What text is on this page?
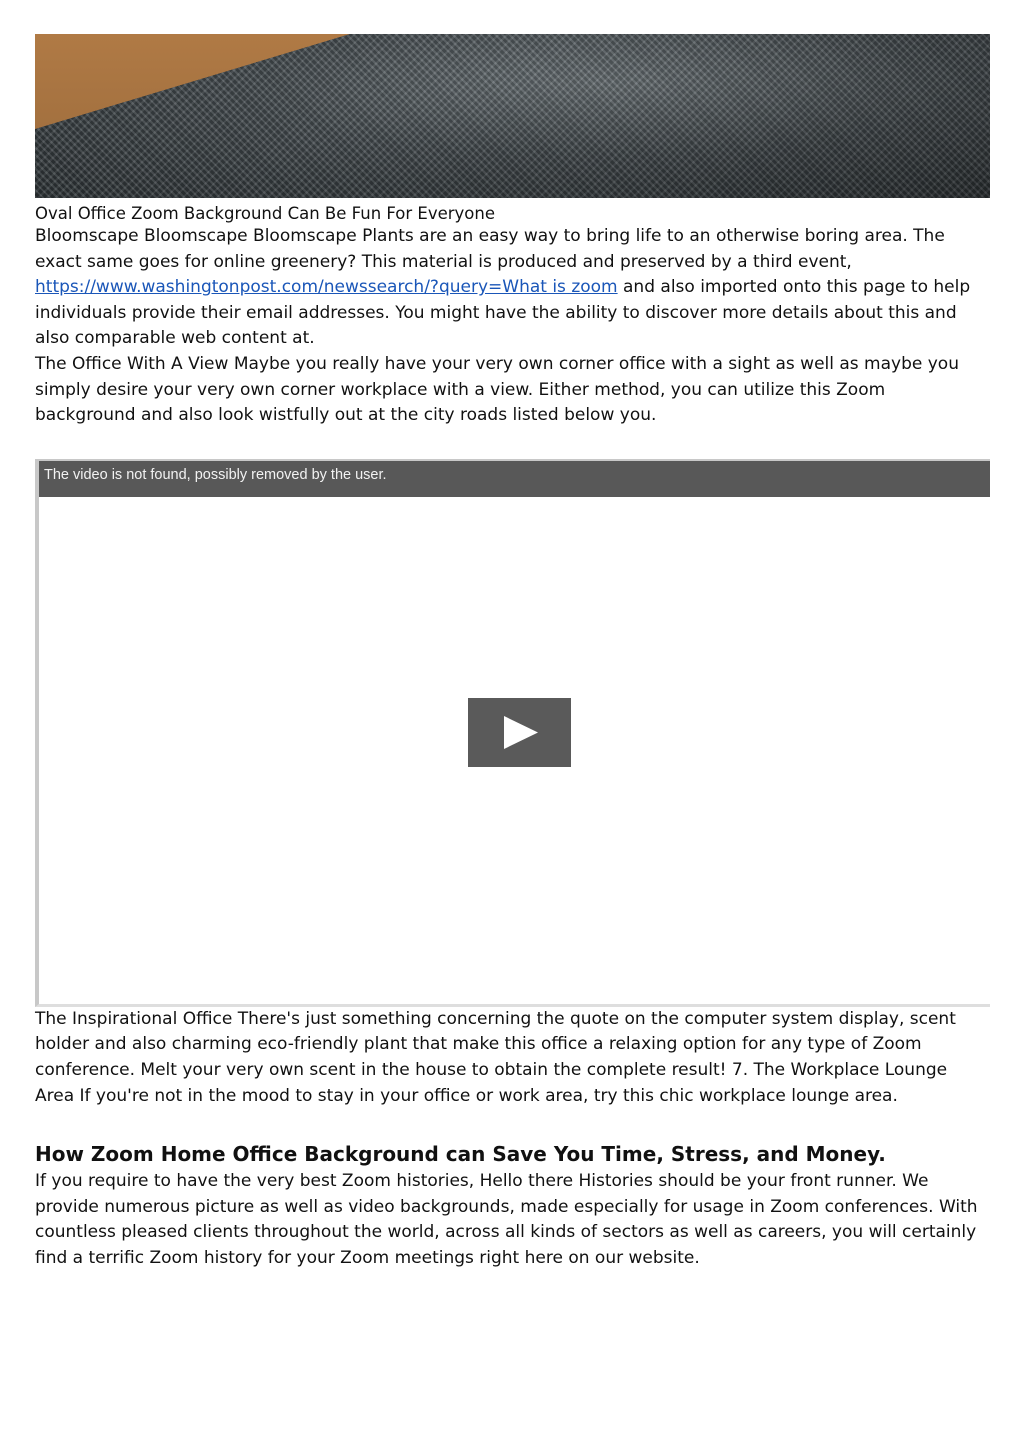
Oval Office Zoom Background Can Be Fun For Everyone

Bloomscape Bloomscape Bloomscape Plants are an easy way to bring life to an otherwise boring area. The exact same goes for online greenery? This material is produced and preserved by a third event, https://www.washingtonpost.com/newssearch/?query=What is zoom and also imported onto this page to help individuals provide their email addresses. You might have the ability to discover more details about this and also comparable web content at.

The Office With A View Maybe you really have your very own corner office with a sight as well as maybe you simply desire your very own corner workplace with a view. Either method, you can utilize this Zoom background and also look wistfully out at the city roads listed below you.

The video is not found, possibly removed by the user.

The Inspirational Office There's just something concerning the quote on the computer system display, scent holder and also charming eco-friendly plant that make this office a relaxing option for any type of Zoom conference. Melt your very own scent in the house to obtain the complete result! 7. The Workplace Lounge Area If you're not in the mood to stay in your office or work area, try this chic workplace lounge area.

How Zoom Home Office Background can Save You Time, Stress, and Money.

If you require to have the very best Zoom histories, Hello there Histories should be your front runner. We provide numerous picture as well as video backgrounds, made especially for usage in Zoom conferences. With countless pleased clients throughout the world, across all kinds of sectors as well as careers, you will certainly find a terrific Zoom history for your Zoom meetings right here on our website.
